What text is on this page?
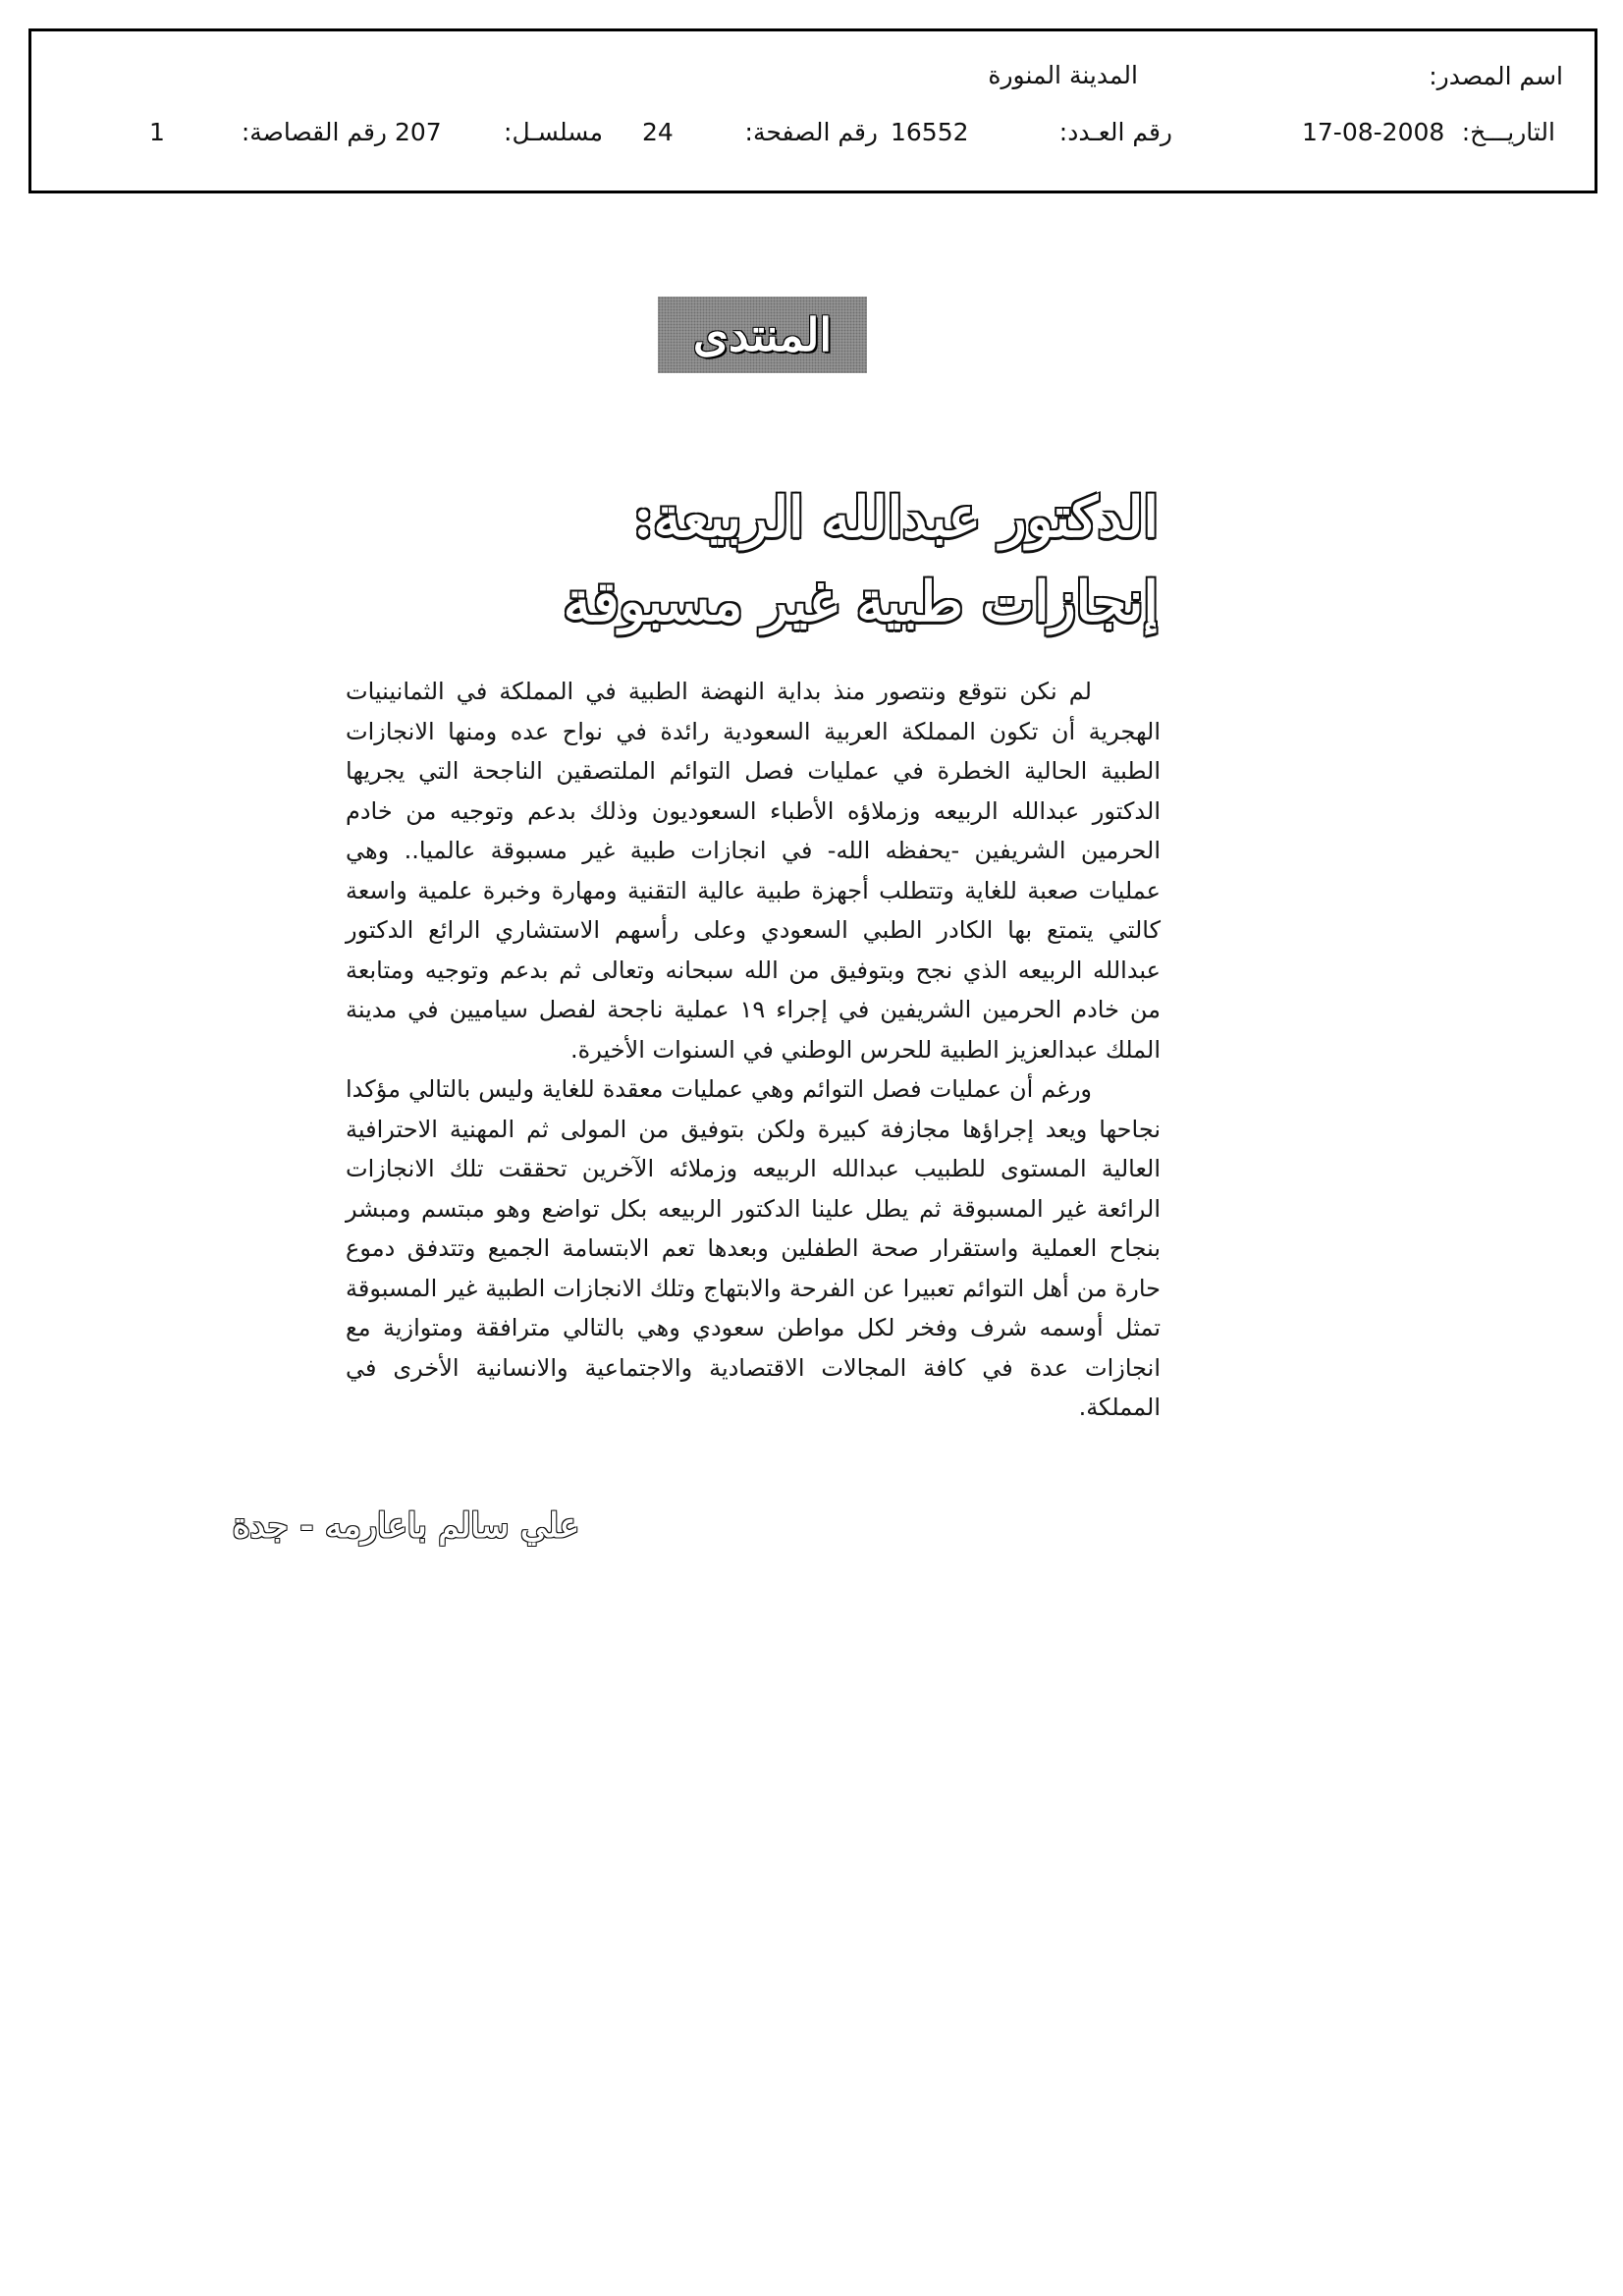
اسم المصدر:
المدينة المنورة
التاريـــخ:
17-08-2008
رقم العـدد:
16552
رقم الصفحة:
24
مسلسـل:
207
رقم القصاصة:
1
المنتدى
الدكتور عبدالله الربيعة:
إنجازات طبية غير مسبوقة

لم نكن نتوقع ونتصور منذ بداية النهضة الطبية في المملكة في الثمانينيات الهجرية أن تكون المملكة العربية السعودية رائدة في نواح عده ومنها الانجازات الطبية الحالية الخطرة في عمليات فصل التوائم الملتصقين الناجحة التي يجريها الدكتور عبدالله الربيعه وزملاؤه الأطباء السعوديون وذلك بدعم وتوجيه من خادم الحرمين الشريفين -يحفظه الله- في انجازات طبية غير مسبوقة عالميا.. وهي عمليات صعبة للغاية وتتطلب أجهزة طبية عالية التقنية ومهارة وخبرة علمية واسعة كالتي يتمتع بها الكادر الطبي السعودي وعلى رأسهم الاستشاري الرائع الدكتور عبدالله الربيعه الذي نجح وبتوفيق من الله سبحانه وتعالى ثم بدعم وتوجيه ومتابعة من خادم الحرمين الشريفين في إجراء ١٩ عملية ناجحة لفصل سياميين في مدينة الملك عبدالعزيز الطبية للحرس الوطني في السنوات الأخيرة.

ورغم أن عمليات فصل التوائم وهي عمليات معقدة للغاية وليس بالتالي مؤكدا نجاحها ويعد إجراؤها مجازفة كبيرة ولكن بتوفيق من المولى ثم المهنية الاحترافية العالية المستوى للطبيب عبدالله الربيعه وزملائه الآخرين تحققت تلك الانجازات الرائعة غير المسبوقة ثم يطل علينا الدكتور الربيعه بكل تواضع وهو مبتسم ومبشر بنجاح العملية واستقرار صحة الطفلين وبعدها تعم الابتسامة الجميع وتتدفق دموع حارة من أهل التوائم تعبيرا عن الفرحة والابتهاج وتلك الانجازات الطبية غير المسبوقة تمثل أوسمه شرف وفخر لكل مواطن سعودي وهي بالتالي مترافقة ومتوازية مع انجازات عدة في كافة المجالات الاقتصادية والاجتماعية والانسانية الأخرى في المملكة.

علي سالم باعارمه - جدة
